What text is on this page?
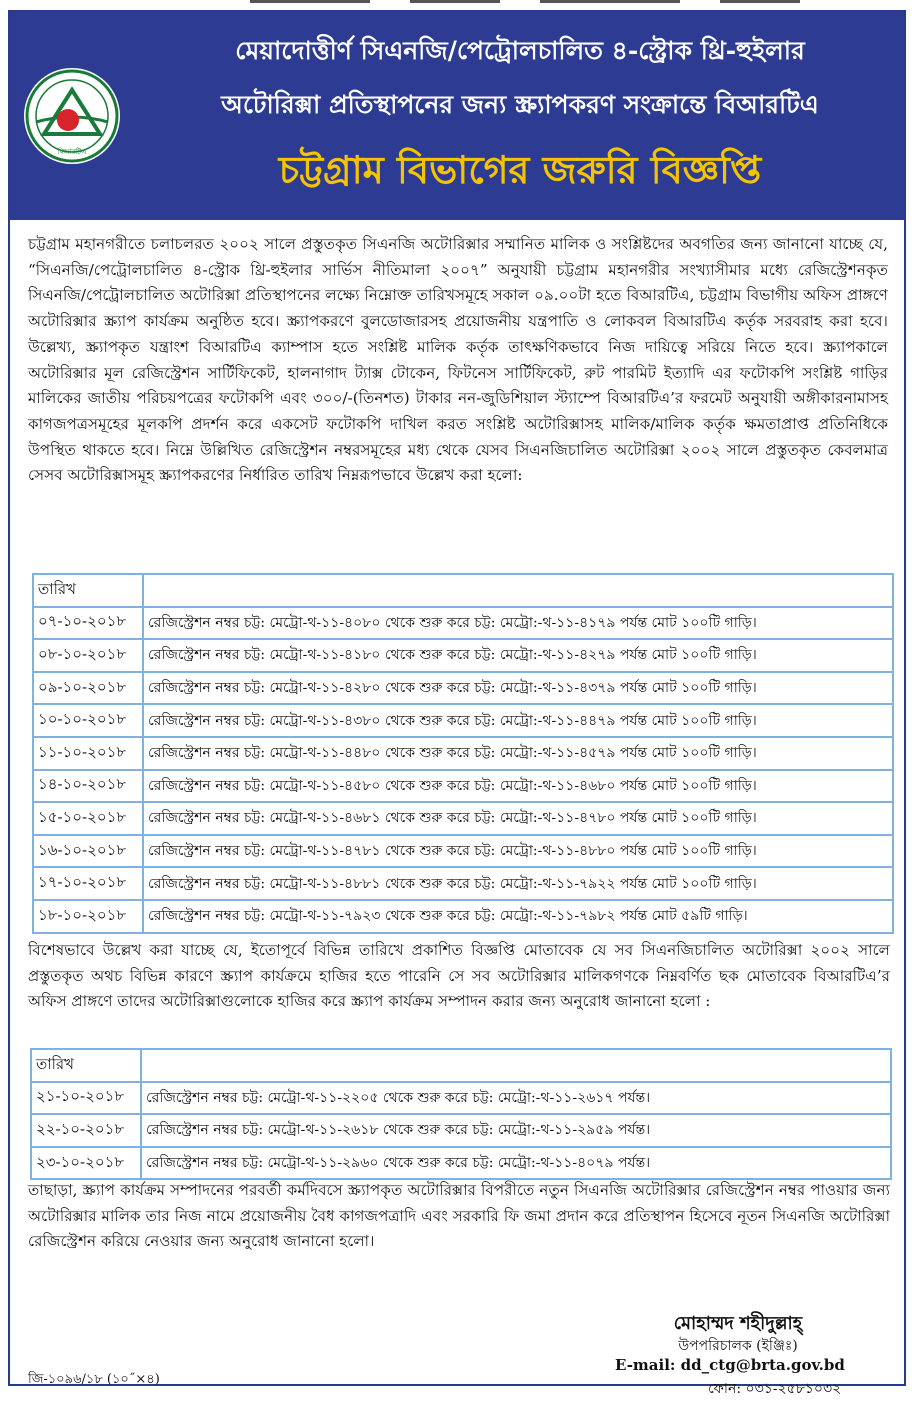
বিআরটিএ
মেয়াদোত্তীর্ণ সিএনজি/পেট্রোলচালিত ৪-স্ট্রোক থ্রি-হুইলার
অটোরিক্সা প্রতিস্থাপনের জন্য স্ক্র্যাপকরণ সংক্রান্তে বিআরটিএ
চট্টগ্রাম বিভাগের জরুরি বিজ্ঞপ্তি
চট্টগ্রাম মহানগরীতে চলাচলরত ২০০২ সালে প্রস্তুতকৃত সিএনজি অটোরিক্সার সম্মানিত মালিক ও সংশ্লিষ্টদের অবগতির জন্য জানানো যাচ্ছে যে, “সিএনজি/পেট্রোলচালিত ৪-স্ট্রোক থ্রি-হুইলার সার্ভিস নীতিমালা ২০০৭” অনুযায়ী চট্টগ্রাম মহানগরীর সংখ্যাসীমার মধ্যে রেজিস্ট্রেশনকৃত সিএনজি/পেট্রোলচালিত অটোরিক্সা প্রতিস্থাপনের লক্ষ্যে নিম্নোক্ত তারিখসমূহে সকাল ০৯.০০টা হতে বিআরটিএ, চট্টগ্রাম বিভাগীয় অফিস প্রাঙ্গণে অটোরিক্সার স্ক্র্যাপ কার্যক্রম অনুষ্ঠিত হবে। স্ক্র্যাপকরণে বুলডোজারসহ প্রয়োজনীয় যন্ত্রপাতি ও লোকবল বিআরটিএ কর্তৃক সরবরাহ করা হবে। উল্লেখ্য, স্ক্র্যাপকৃত যন্ত্রাংশ বিআরটিএ ক্যাম্পাস হতে সংশ্লিষ্ট মালিক কর্তৃক তাৎক্ষণিকভাবে নিজ দায়িত্বে সরিয়ে নিতে হবে। স্ক্র্যাপকালে অটোরিক্সার মূল রেজিস্ট্রেশন সার্টিফিকেট, হালনাগাদ ট্যাক্স টোকেন, ফিটনেস সার্টিফিকেট, রুট পারমিট ইত্যাদি এর ফটোকপি সংশ্লিষ্ট গাড়ির মালিকের জাতীয় পরিচয়পত্রের ফটোকপি এবং ৩০০/-(তিনশত) টাকার নন-জুডিশিয়াল স্ট্যাম্পে বিআরটিএ’র ফরমেট অনুযায়ী অঙ্গীকারনামাসহ কাগজপত্রসমূহের মূলকপি প্রদর্শন করে একসেট ফটোকপি দাখিল করত সংশ্লিষ্ট অটোরিক্সাসহ মালিক/মালিক কর্তৃক ক্ষমতাপ্রাপ্ত প্রতিনিধিকে উপস্থিত থাকতে হবে। নিম্নে উল্লিখিত রেজিস্ট্রেশন নম্বরসমূহের মধ্য থেকে যেসব সিএনজিচালিত অটোরিক্সা ২০০২ সালে প্রস্তুতকৃত কেবলমাত্র সেসব অটোরিক্সাসমূহ স্ক্র্যাপকরণের নির্ধারিত তারিখ নিম্নরূপভাবে উল্লেখ করা হলো:
তারিখ	
০৭-১০-২০১৮	রেজিস্ট্রেশন নম্বর চট্ট: মেট্রো-থ-১১-৪০৮০ থেকে শুরু করে চট্ট: মেট্রো:-থ-১১-৪১৭৯ পর্যন্ত মোট ১০০টি গাড়ি।
০৮-১০-২০১৮	রেজিস্ট্রেশন নম্বর চট্ট: মেট্রো-থ-১১-৪১৮০ থেকে শুরু করে চট্ট: মেট্রো:-থ-১১-৪২৭৯ পর্যন্ত মোট ১০০টি গাড়ি।
০৯-১০-২০১৮	রেজিস্ট্রেশন নম্বর চট্ট: মেট্রো-থ-১১-৪২৮০ থেকে শুরু করে চট্ট: মেট্রো:-থ-১১-৪৩৭৯ পর্যন্ত মোট ১০০টি গাড়ি।
১০-১০-২০১৮	রেজিস্ট্রেশন নম্বর চট্ট: মেট্রো-থ-১১-৪৩৮০ থেকে শুরু করে চট্ট: মেট্রো:-থ-১১-৪৪৭৯ পর্যন্ত মোট ১০০টি গাড়ি।
১১-১০-২০১৮	রেজিস্ট্রেশন নম্বর চট্ট: মেট্রো-থ-১১-৪৪৮০ থেকে শুরু করে চট্ট: মেট্রো:-থ-১১-৪৫৭৯ পর্যন্ত মোট ১০০টি গাড়ি।
১৪-১০-২০১৮	রেজিস্ট্রেশন নম্বর চট্ট: মেট্রো-থ-১১-৪৫৮০ থেকে শুরু করে চট্ট: মেট্রো:-থ-১১-৪৬৮০ পর্যন্ত মোট ১০০টি গাড়ি।
১৫-১০-২০১৮	রেজিস্ট্রেশন নম্বর চট্ট: মেট্রো-থ-১১-৪৬৮১ থেকে শুরু করে চট্ট: মেট্রো:-থ-১১-৪৭৮০ পর্যন্ত মোট ১০০টি গাড়ি।
১৬-১০-২০১৮	রেজিস্ট্রেশন নম্বর চট্ট: মেট্রো-থ-১১-৪৭৮১ থেকে শুরু করে চট্ট: মেট্রো:-থ-১১-৪৮৮০ পর্যন্ত মোট ১০০টি গাড়ি।
১৭-১০-২০১৮	রেজিস্ট্রেশন নম্বর চট্ট: মেট্রো-থ-১১-৪৮৮১ থেকে শুরু করে চট্ট: মেট্রো:-থ-১১-৭৯২২ পর্যন্ত মোট ১০০টি গাড়ি।
১৮-১০-২০১৮	রেজিস্ট্রেশন নম্বর চট্ট: মেট্রো-থ-১১-৭৯২৩ থেকে শুরু করে চট্ট: মেট্রো:-থ-১১-৭৯৮২ পর্যন্ত মোট ৫৯টি গাড়ি।
বিশেষভাবে উল্লেখ করা যাচ্ছে যে, ইতোপূর্বে বিভিন্ন তারিখে প্রকাশিত বিজ্ঞপ্তি মোতাবেক যে সব সিএনজিচালিত অটোরিক্সা ২০০২ সালে প্রস্তুতকৃত অথচ বিভিন্ন কারণে স্ক্র্যাপ কার্যক্রমে হাজির হতে পারেনি সে সব অটোরিক্সার মালিকগণকে নিম্নবর্ণিত ছক মোতাবেক বিআরটিএ’র অফিস প্রাঙ্গণে তাদের অটোরিক্সাগুলোকে হাজির করে স্ক্র্যাপ কার্যক্রম সম্পাদন করার জন্য অনুরোধ জানানো হলো :
তারিখ	
২১-১০-২০১৮	রেজিস্ট্রেশন নম্বর চট্ট: মেট্রো-থ-১১-২২০৫ থেকে শুরু করে চট্ট: মেট্রো:-থ-১১-২৬১৭ পর্যন্ত।
২২-১০-২০১৮	রেজিস্ট্রেশন নম্বর চট্ট: মেট্রো-থ-১১-২৬১৮ থেকে শুরু করে চট্ট: মেট্রো:-থ-১১-২৯৫৯ পর্যন্ত।
২৩-১০-২০১৮	রেজিস্ট্রেশন নম্বর চট্ট: মেট্রো-থ-১১-২৯৬০ থেকে শুরু করে চট্ট: মেট্রো:-থ-১১-৪০৭৯ পর্যন্ত।
তাছাড়া, স্ক্র্যাপ কার্যক্রম সম্পাদনের পরবর্তী কর্মদিবসে স্ক্র্যাপকৃত অটোরিক্সার বিপরীতে নতুন সিএনজি অটোরিক্সার রেজিস্ট্রেশন নম্বর পাওয়ার জন্য অটোরিক্সার মালিক তার নিজ নামে প্রয়োজনীয় বৈধ কাগজপত্রাদি এবং সরকারি ফি জমা প্রদান করে প্রতিস্থাপন হিসেবে নূতন সিএনজি অটোরিক্সা রেজিস্ট্রেশন করিয়ে নেওয়ার জন্য অনুরোধ জানানো হলো।
মোহাম্মদ শহীদুল্লাহ্
উপপরিচালক (ইঞ্জিঃ)
E-mail: dd_ctg@brta.gov.bd
ফোন: ০৩১-২৫৮১০৩২
জি-১০৯৬/১৮ (১০˝×৪)
